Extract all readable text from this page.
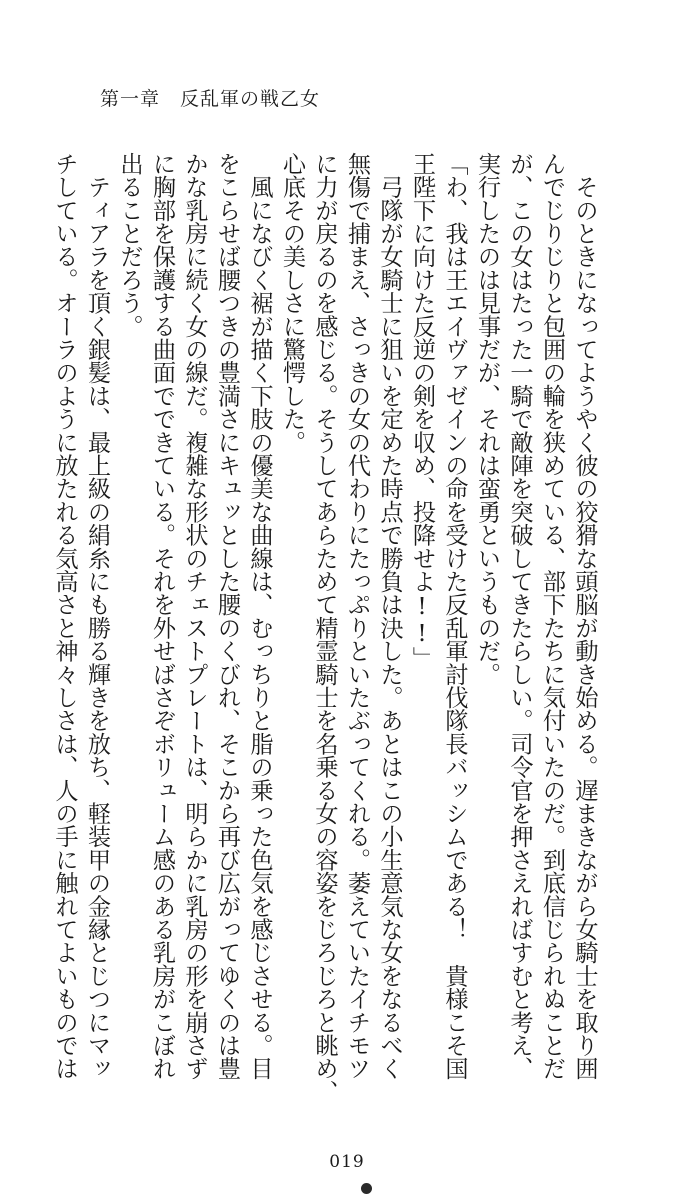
第一章　反乱軍の戦乙女

　そのときになってようやく彼の狡猾な頭脳が動き始める。遅まきながら女騎士を取り囲

んでじりじりと包囲の輪を狭めている、部下たちに気付いたのだ。到底信じられぬことだ

が、この女はたった一騎で敵陣を突破してきたらしい。司令官を押さえればすむと考え、

実行したのは見事だが、それは蛮勇というものだ。

「わ、我は王エイヴァゼインの命を受けた反乱軍討伐隊長バッシムである！　貴様こそ国

王陛下に向けた反逆の剣を収め、投降せよ!!」

　弓隊が女騎士に狙いを定めた時点で勝負は決した。あとはこの小生意気な女をなるべく

無傷で捕まえ、さっきの女の代わりにたっぷりといたぶってくれる。萎えていたイチモツ

に力が戻るのを感じる。そうしてあらためて精霊騎士を名乗る女の容姿をじろじろと眺め、

心底その美しさに驚愕した。

　風になびく裾が描く下肢の優美な曲線は、むっちりと脂の乗った色気を感じさせる。目

をこらせば腰つきの豊満さにキュッとした腰のくびれ、そこから再び広がってゆくのは豊

かな乳房に続く女の線だ。複雑な形状のチェストプレートは、明らかに乳房の形を崩さず

に胸部を保護する曲面でできている。それを外せばさぞボリューム感のある乳房がこぼれ

出ることだろう。

　ティアラを頂く銀髪は、最上級の絹糸にも勝る輝きを放ち、軽装甲の金縁とじつにマッ

チしている。オーラのように放たれる気高さと神々しさは、人の手に触れてよいものでは

019
